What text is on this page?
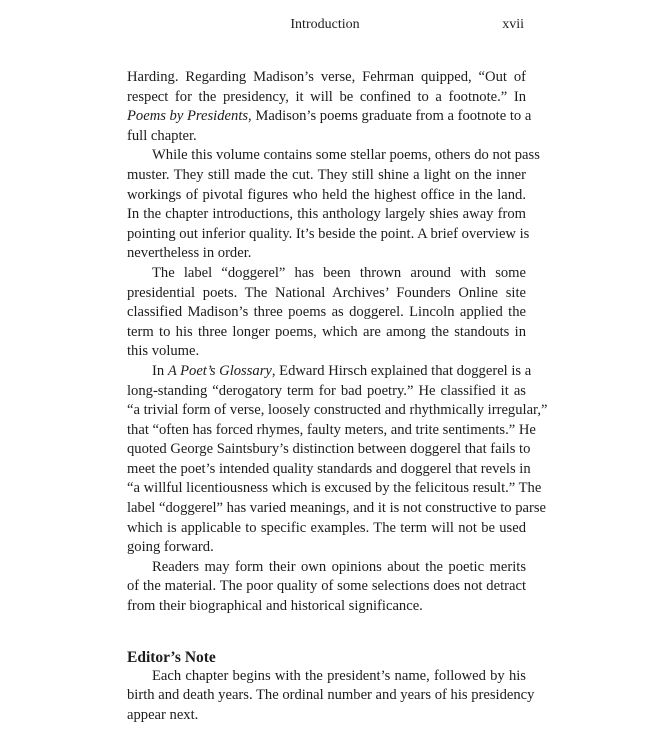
Introduction	xvii

Harding. Regarding Madison’s verse, Fehrman quipped, “Out of
respect for the presidency, it will be confined to a footnote.” In
Poems by Presidents, Madison’s poems graduate from a footnote to a
full chapter.

While this volume contains some stellar poems, others do not pass
muster. They still made the cut. They still shine a light on the inner
workings of pivotal figures who held the highest office in the land.
In the chapter introductions, this anthology largely shies away from
pointing out inferior quality. It’s beside the point. A brief overview is
nevertheless in order.

The label “doggerel” has been thrown around with some
presidential poets. The National Archives’ Founders Online site
classified Madison’s three poems as doggerel. Lincoln applied the
term to his three longer poems, which are among the standouts in
this volume.

In A Poet’s Glossary, Edward Hirsch explained that doggerel is a
long-standing “derogatory term for bad poetry.” He classified it as
“a trivial form of verse, loosely constructed and rhythmically irregular,”
that “often has forced rhymes, faulty meters, and trite sentiments.” He
quoted George Saintsbury’s distinction between doggerel that fails to
meet the poet’s intended quality standards and doggerel that revels in
“a willful licentiousness which is excused by the felicitous result.” The
label “doggerel” has varied meanings, and it is not constructive to parse
which is applicable to specific examples. The term will not be used
going forward.

Readers may form their own opinions about the poetic merits
of the material. The poor quality of some selections does not detract
from their biographical and historical significance.

Editor’s Note

Each chapter begins with the president’s name, followed by his
birth and death years. The ordinal number and years of his presidency
appear next.
